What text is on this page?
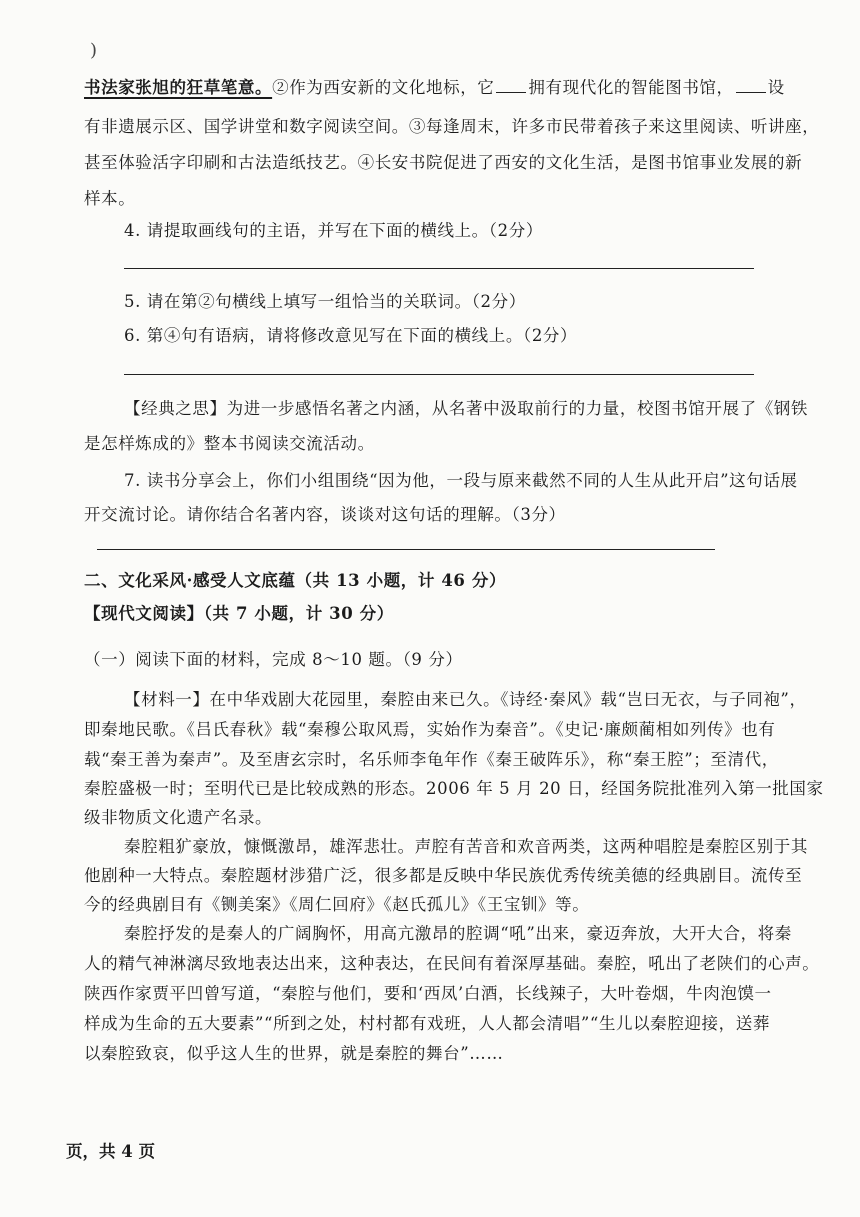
)
书法家张旭的狂草笔意。②作为西安新的文化地标，它 拥有现代化的智能图书馆， 设
有非遗展示区、国学讲堂和数字阅读空间。③每逢周末，许多市民带着孩子来这里阅读、听讲座，
甚至体验活字印刷和古法造纸技艺。④长安书院促进了西安的文化生活，是图书馆事业发展的新
样本。
4. 请提取画线句的主语，并写在下面的横线上。（2分）
5. 请在第②句横线上填写一组恰当的关联词。（2分）
6. 第④句有语病，请将修改意见写在下面的横线上。（2分）
【经典之思】为进一步感悟名著之内涵，从名著中汲取前行的力量，校图书馆开展了《钢铁
是怎样炼成的》整本书阅读交流活动。
7. 读书分享会上，你们小组围绕“因为他，一段与原来截然不同的人生从此开启”这句话展
开交流讨论。请你结合名著内容，谈谈对这句话的理解。（3分）
二、文化采风·感受人文底蕴（共 13 小题，计 46 分）
【现代文阅读】（共 7 小题，计 30 分）
（一）阅读下面的材料，完成 8～10 题。（9 分）
【材料一】在中华戏剧大花园里，秦腔由来已久。《诗经·秦风》载“岂曰无衣，与子同袍”，
即秦地民歌。《吕氏春秋》载“秦穆公取风焉，实始作为秦音”。《史记·廉颇蔺相如列传》也有
载“秦王善为秦声”。及至唐玄宗时，名乐师李龟年作《秦王破阵乐》，称“秦王腔”；至清代，
秦腔盛极一时；至明代已是比较成熟的形态。2006 年 5 月 20 日，经国务院批准列入第一批国家
级非物质文化遗产名录。
秦腔粗犷豪放，慷慨激昂，雄浑悲壮。声腔有苦音和欢音两类，这两种唱腔是秦腔区别于其
他剧种一大特点。秦腔题材涉猎广泛，很多都是反映中华民族优秀传统美德的经典剧目。流传至
今的经典剧目有《铡美案》《周仁回府》《赵氏孤儿》《王宝钏》等。
秦腔抒发的是秦人的广阔胸怀，用高亢激昂的腔调“吼”出来，豪迈奔放，大开大合，将秦
人的精气神淋漓尽致地表达出来，这种表达，在民间有着深厚基础。秦腔，吼出了老陕们的心声。
陕西作家贾平凹曾写道，“秦腔与他们，要和‘西凤’白酒，长线辣子，大叶卷烟，牛肉泡馍一
样成为生命的五大要素”“所到之处，村村都有戏班，人人都会清唱”“生儿以秦腔迎接，送葬
以秦腔致哀，似乎这人生的世界，就是秦腔的舞台”……
页，共 4 页
